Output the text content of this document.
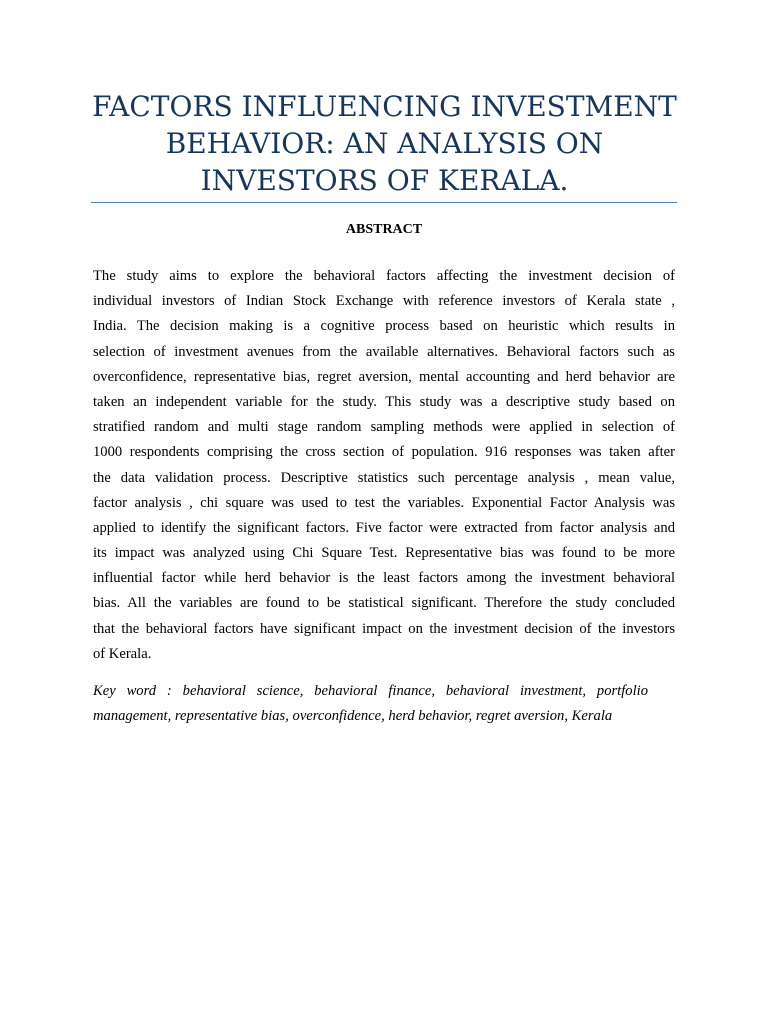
FACTORS INFLUENCING INVESTMENT
BEHAVIOR: AN ANALYSIS ON
INVESTORS OF KERALA.
ABSTRACT
The study aims to explore the behavioral factors affecting the investment decision of
individual investors of Indian Stock Exchange with reference investors of Kerala state ,
India. The decision making is a cognitive process based on heuristic which results in
selection of investment avenues from the available alternatives. Behavioral factors such as
overconfidence, representative bias, regret aversion, mental accounting and herd behavior are
taken an independent variable for the study. This study was a descriptive study based on
stratified random and multi stage random sampling methods were applied in selection of
1000 respondents comprising the cross section of population. 916 responses was taken after
the data validation process. Descriptive statistics such percentage analysis , mean value,
factor analysis , chi square was used to test the variables. Exponential Factor Analysis was
applied to identify the significant factors. Five factor were extracted from factor analysis and
its impact was analyzed using Chi Square Test. Representative bias was found to be more
influential factor while herd behavior is the least factors among the investment behavioral
bias. All the variables are found to be statistical significant. Therefore the study concluded
that the behavioral factors have significant impact on the investment decision of the investors
of Kerala.
Key word : behavioral science, behavioral finance, behavioral investment, portfolio
management, representative bias, overconfidence, herd behavior, regret aversion, Kerala
